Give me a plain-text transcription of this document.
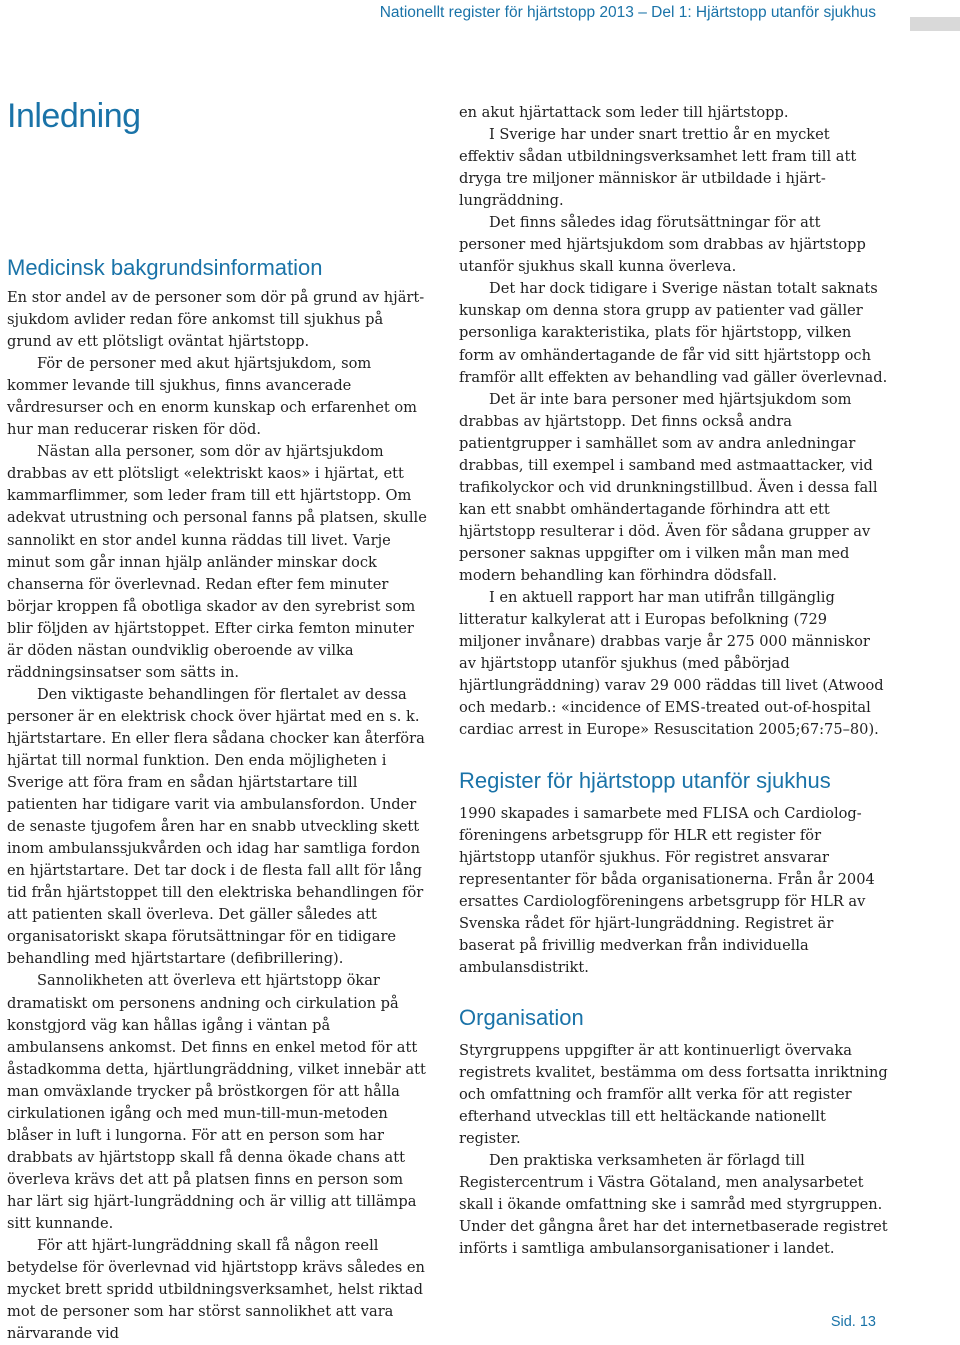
Nationellt register för hjärtstopp 2013 – Del 1: Hjärtstopp utanför sjukhus
Inledning
Medicinsk bakgrundsinformation

En stor andel av de personer som dör på grund av hjärtsjukdom avlider redan före ankomst till sjukhus på grund av ett plötsligt oväntat hjärtstopp.

För de personer med akut hjärtsjukdom, som kommer levande till sjukhus, finns avancerade vårdresurser och en enorm kunskap och erfarenhet om hur man reducerar risken för död.

Nästan alla personer, som dör av hjärtsjukdom drabbas av ett plötsligt «elektriskt kaos» i hjärtat, ett kammarflimmer, som leder fram till ett hjärtstopp. Om adekvat utrustning och personal fanns på platsen, skulle sannolikt en stor andel kunna räddas till livet. Varje minut som går innan hjälp anländer minskar dock chanserna för överlevnad. Redan efter fem minuter börjar kroppen få obotliga skador av den syrebrist som blir följden av hjärtstoppet. Efter cirka femton minuter är döden nästan oundviklig oberoende av vilka räddningsinsatser som sätts in.

Den viktigaste behandlingen för flertalet av dessa personer är en elektrisk chock över hjärtat med en s. k. hjärtstartare. En eller flera sådana chocker kan återföra hjärtat till normal funktion. Den enda möjligheten i Sverige att föra fram en sådan hjärtstartare till patienten har tidigare varit via ambulansfordon. Under de senaste tjugofem åren har en snabb utveckling skett inom ambulanssjukvården och idag har samtliga fordon en hjärtstartare. Det tar dock i de flesta fall allt för lång tid från hjärtstoppet till den elektriska behandlingen för att patienten skall överleva. Det gäller således att organisatoriskt skapa förutsättningar för en tidigare behandling med hjärtstartare (defibrillering).

Sannolikheten att överleva ett hjärtstopp ökar dramatiskt om personens andning och cirkulation på konstgjord väg kan hållas igång i väntan på ambulansens ankomst. Det finns en enkel metod för att åstadkomma detta, hjärtlungräddning, vilket innebär att man omväxlande trycker på bröstkorgen för att hålla cirkulationen igång och med mun-till-mun-metoden blåser in luft i lungorna. För att en person som har drabbats av hjärtstopp skall få denna ökade chans att överleva krävs det att på platsen finns en person som har lärt sig hjärt-lungräddning och är villig att tillämpa sitt kunnande.

För att hjärt-lungräddning skall få någon reell betydelse för överlevnad vid hjärtstopp krävs således en mycket brett spridd utbildningsverksamhet, helst riktad mot de personer som har störst sannolikhet att vara närvarande vid

en akut hjärtattack som leder till hjärtstopp.

I Sverige har under snart trettio år en mycket effektiv sådan utbildningsverksamhet lett fram till att dryga tre miljoner människor är utbildade i hjärt-lungräddning.

Det finns således idag förutsättningar för att personer med hjärtsjukdom som drabbas av hjärtstopp utanför sjukhus skall kunna överleva.

Det har dock tidigare i Sverige nästan totalt saknats kunskap om denna stora grupp av patienter vad gäller personliga karakteristika, plats för hjärtstopp, vilken form av omhändertagande de får vid sitt hjärtstopp och framför allt effekten av behandling vad gäller överlevnad.

Det är inte bara personer med hjärtsjukdom som drabbas av hjärtstopp. Det finns också andra patientgrupper i samhället som av andra anledningar drabbas, till exempel i samband med astmaattacker, vid trafikolyckor och vid drunkningstillbud. Även i dessa fall kan ett snabbt omhändertagande förhindra att ett hjärtstopp resulterar i död. Även för sådana grupper av personer saknas uppgifter om i vilken mån man med modern behandling kan förhindra dödsfall.

I en aktuell rapport har man utifrån tillgänglig litteratur kalkylerat att i Europas befolkning (729 miljoner invånare) drabbas varje år 275 000 människor av hjärtstopp utanför sjukhus (med påbörjad hjärtlungräddning) varav 29 000 räddas till livet (Atwood och medarb.: «incidence of EMS-treated out-of-hospital cardiac arrest in Europe» Resuscitation 2005;67:75–80).

Register för hjärtstopp utanför sjukhus

1990 skapades i samarbete med FLISA och Cardiologföreningens arbetsgrupp för HLR ett register för hjärtstopp utanför sjukhus. För registret ansvarar representanter för båda organisationerna. Från år 2004 ersattes Cardiologföreningens arbetsgrupp för HLR av Svenska rådet för hjärt-lungräddning. Registret är baserat på frivillig medverkan från individuella ambulansdistrikt.

Organisation

Styrgruppens uppgifter är att kontinuerligt övervaka registrets kvalitet, bestämma om dess fortsatta inriktning och omfattning och framför allt verka för att register efterhand utvecklas till ett heltäckande nationellt register.

Den praktiska verksamheten är förlagd till Registercentrum i Västra Götaland, men analysarbetet skall i ökande omfattning ske i samråd med styrgruppen. Under det gångna året har det internetbaserade registret införts i samtliga ambulansorganisationer i landet.

Sid. 13
